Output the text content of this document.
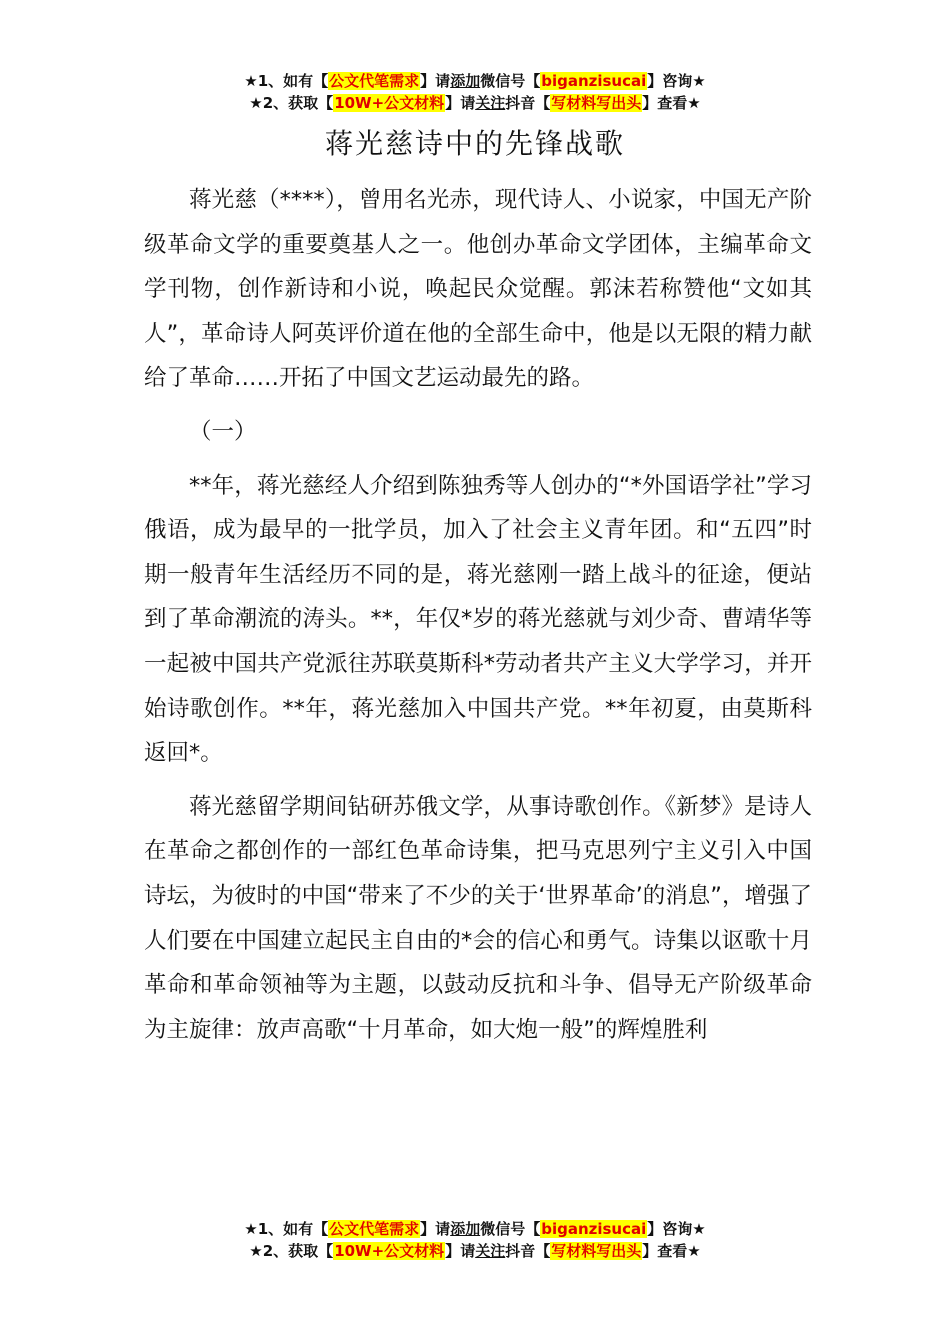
★1、如有【公文代笔需求】请添加微信号【biganzisucai】咨询★
★2、获取【10W+公文材料】请关注抖音【写材料写出头】查看★
蒋光慈诗中的先锋战歌

蒋光慈（****），曾用名光赤，现代诗人、小说家，中国无产阶级革命文学的重要奠基人之一。他创办革命文学团体，主编革命文学刊物，创作新诗和小说，唤起民众觉醒。郭沫若称赞他“文如其人”，革命诗人阿英评价道在他的全部生命中，他是以无限的精力献给了革命……开拓了中国文艺运动最先的路。

（一）

**年，蒋光慈经人介绍到陈独秀等人创办的“*外国语学社”学习俄语，成为最早的一批学员，加入了社会主义青年团。和“五四”时期一般青年生活经历不同的是，蒋光慈刚一踏上战斗的征途，便站到了革命潮流的涛头。**，年仅*岁的蒋光慈就与刘少奇、曹靖华等一起被中国共产党派往苏联莫斯科*劳动者共产主义大学学习，并开始诗歌创作。**年，蒋光慈加入中国共产党。**年初夏，由莫斯科返回*。

蒋光慈留学期间钻研苏俄文学，从事诗歌创作。《新梦》是诗人在革命之都创作的一部红色革命诗集，把马克思列宁主义引入中国诗坛，为彼时的中国“带来了不少的关于‘世界革命’的消息”，增强了人们要在中国建立起民主自由的*会的信心和勇气。诗集以讴歌十月革命和革命领袖等为主题，以鼓动反抗和斗争、倡导无产阶级革命为主旋律：放声高歌“十月革命，如大炮一般”的辉煌胜利

★1、如有【公文代笔需求】请添加微信号【biganzisucai】咨询★
★2、获取【10W+公文材料】请关注抖音【写材料写出头】查看★
